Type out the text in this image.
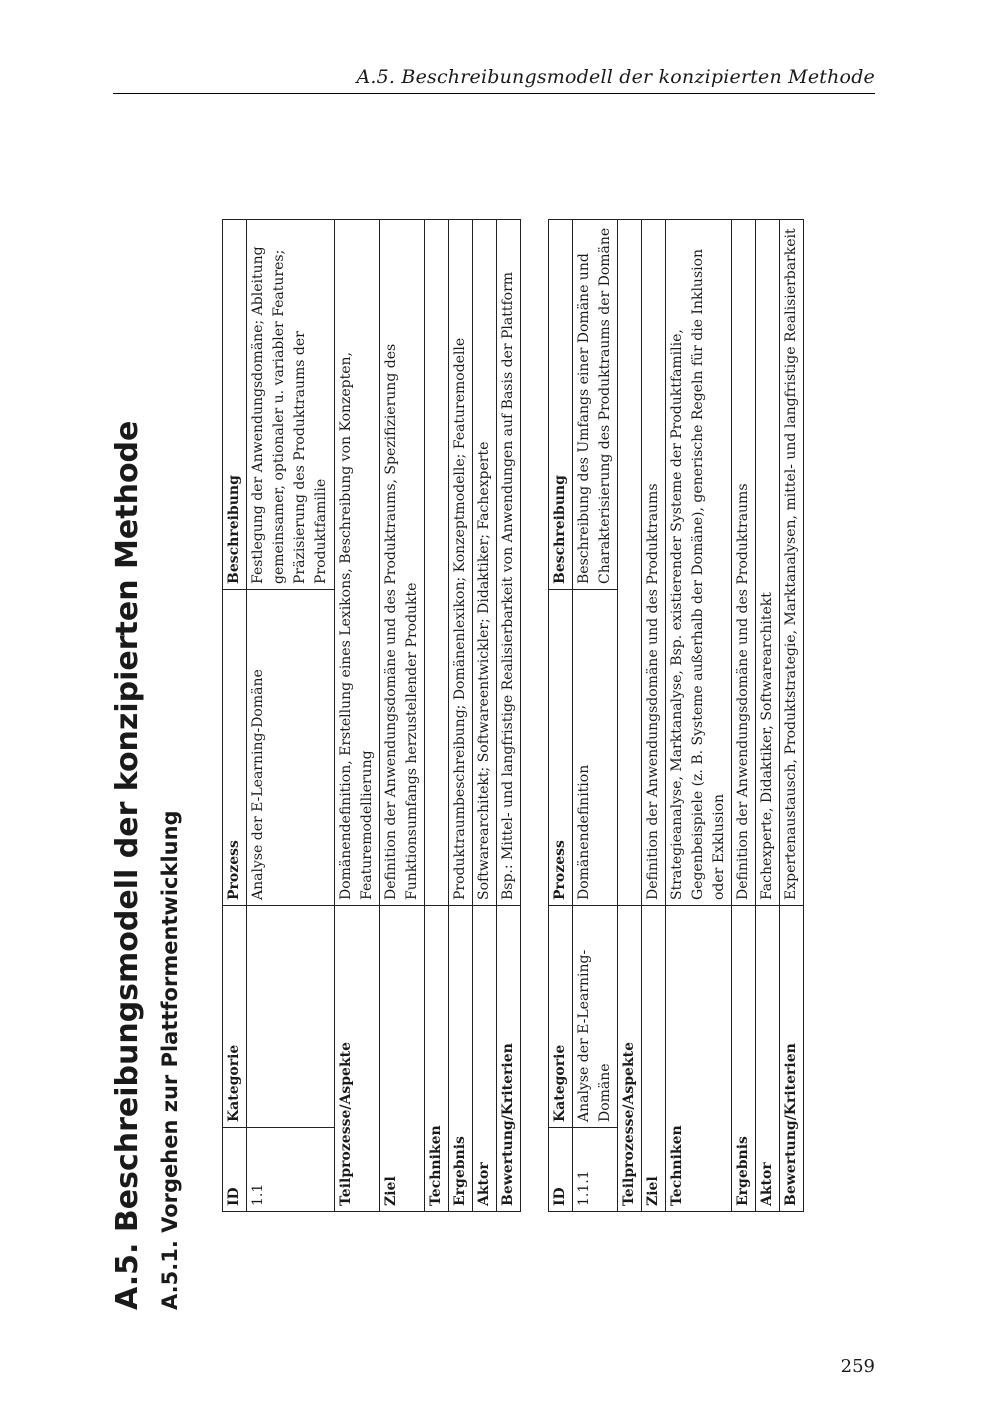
A.5. Beschreibungsmodell der konzipierten Methode
A.5. Beschreibungsmodell der konzipierten Methode A.5.1. Vorgehen zur Plattformentwicklung	ID	Kategorie	Prozess	Beschreibung
1.1		Analyse der E-Learning-Domäne	Festlegung der Anwendungsdomäne; Ableitung gemeinsamer, optionaler u. variabler Features; Präzisierung des Produktraums der Produktfamilie
Teilprozesse/Aspekte		Domänendefinition, Erstellung eines Lexikons, Beschreibung von Konzepten, Featuremodellierung	
Ziel		Definition der Anwendungsdomäne und des Produktraums, Spezifizierung des Funktionsumfangs herzustellender Produkte	
Techniken			
Ergebnis		Produktraumbeschreibung; Domänenlexikon; Konzeptmodelle; Featuremodelle	
Aktor		Softwarearchitekt; Softwareentwickler; Didaktiker; Fachexperte	
Bewertung/Kriterien		Bsp.: Mittel- und langfristige Realisierbarkeit von Anwendungen auf Basis der Plattform	
ID	Kategorie	Prozess	Beschreibung
1.1.1	Analyse der E-Learning-Domäne	Domänendefinition	Beschreibung des Umfangs einer Domäne und Charakterisierung des Produktraums der Domäne
Teilprozesse/Aspekte			
Ziel		Definition der Anwendungsdomäne und des Produktraums	
Techniken		Strategieanalyse, Marktanalyse, Bsp. existierender Systeme der Produktfamilie, Gegenbeispiele (z. B. Systeme außerhalb der Domäne), generische Regeln für die Inklusion oder Exklusion	
Ergebnis		Definition der Anwendungsdomäne und des Produktraums	
Aktor		Fachexperte, Didaktiker, Softwarearchitekt	
Bewertung/Kriterien		Expertenaustausch, Produktstrategie, Marktanalysen, mittel- und langfristige Realisierbarkeit	
259
